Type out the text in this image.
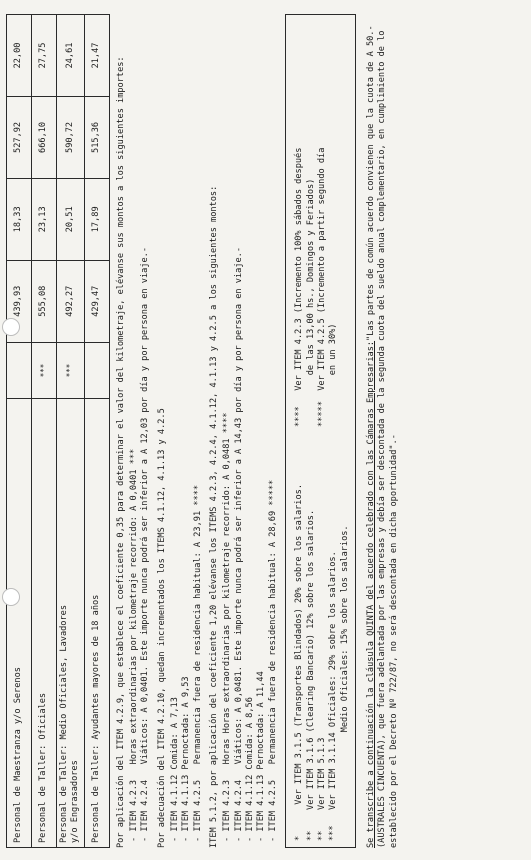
Personal de Maestranza y/o Serenos		439,93	18,33	527,92	22,00
Personal de Taller: Oficiales	***	555,08	23,13	666,10	27,75
Personal de Taller: Medio Oficiales, Lavadores
y/o Engrasadores	***	492,27	20,51	590,72	24,61
Personal de Taller: Ayudantes mayores de 18 años		429,47	17,89	515,36	21,47

Por aplicación del ITEM 4.2.9, que establece el coeficiente 0,35 para determinar el valor del kilometraje, elévanse sus montos a los siguientes importes: - ITEM 4.2.3   Horas extraordinarias por kilometraje recorrido: A 0,0401 *** - ITEM 4.2.4   Viáticos: A 0,0401. Este importe nunca podrá ser inferior a A 12,03 por día y por persona en viaje.- Por adecuación del ITEM 4.2.10, quedan incrementados los ITEMS 4.1.12, 4.1.13 y 4.2.5 - ITEM 4.1.12 Comida: A 7,13 - ITEM 4.1.13 Pernoctada: A 9,53 - ITEM 4.2.5   Permanencia fuera de residencia habitual: A 23,91 **** ITEM 5.1.2, por aplicación del coeficiente 1,20 elévanse los ITEMS 4.2.3, 4.2.4, 4.1.12, 4.1.13 y 4.2.5 a los siguientes montos: - ITEM 4.2.3   Horas Horas extraordinarias por kilometraje recorrido: A 0,0481 **** - ITEM 4.2.4   Viáticos: A 0,0481. Este importe nunca podrá ser inferior a A 14,43 por día y por persona en viaje.- - ITEM 4.1.12 Comida: A 8,56 - ITEM 4.1.13 Pernoctada: A 11,44 - ITEM 4.2.5   Permanencia fuera de residencia habitual: A 28,69 ***** *      Ver ITEM 3.1.5 (Transportes Blindados) 20% sobre los salarios. **    Ver ITEM 3.1.6 (Clearing Bancario) 12% sobre los salarios. **    Ver ITEM 5.1.3 ***   Ver ITEM 3.1.14 Oficiales: 29% sobre los salarios. Medio Oficiales: 15% sobre los salarios.
****   Ver ITEM 4.2.3 (Incremento 100% sábados después de las 13,00 hs., Domingos y Feriados) *****  Ver ITEM 4.2.5 (Incremento a partir segundo día en un 30%)	Se transcribe a continuación la cláusula QUINTA del acuerdo celebrado con las Cámaras Empresarias:"Las partes de común acuerdo convienen que la cuota de A 50.- (AUSTRALES CINCUENTA), que fuera adelantada por las empresas y debía ser descontada de la segunda cuota del sueldo anual complementario, en cumplimiento de lo establecido por el Decreto Nº 722/87, no será descontada en dicha oportunidad".-
